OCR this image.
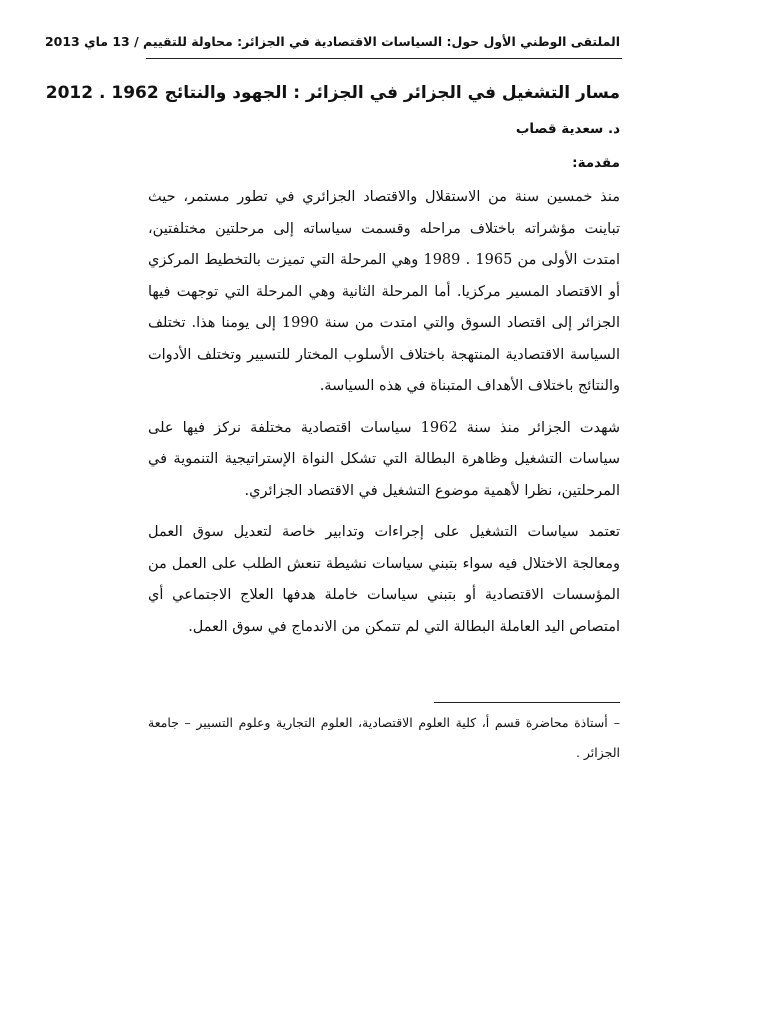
الملتقى الوطني الأول حول: السياسات الاقتصادية في الجزائر: محاولة للتقييم / 13 ماي 2013
مسار التشغيل في الجزائر في الجزائر : الجهود والنتائج 1962 . 2012
د. سعدية قصاب
مقدمة:

منذ خمسين سنة من الاستقلال والاقتصاد الجزائري في تطور مستمر، حيث تباينت مؤشراته باختلاف مراحله وقسمت سياساته إلى مرحلتين مختلفتين، امتدت الأولى من 1965 . 1989 وهي المرحلة التي تميزت بالتخطيط المركزي أو الاقتصاد المسير مركزيا. أما المرحلة الثانية وهي المرحلة التي توجهت فيها الجزائر إلى اقتصاد السوق والتي امتدت من سنة 1990 إلى يومنا هذا. تختلف السياسة الاقتصادية المنتهجة باختلاف الأسلوب المختار للتسيير وتختلف الأدوات والنتائج باختلاف الأهداف المتبناة في هذه السياسة.

شهدت الجزائر منذ سنة 1962 سياسات اقتصادية مختلفة نركز فيها على سياسات التشغيل وظاهرة البطالة التي تشكل النواة الإستراتيجية التنموية في المرحلتين، نظرا لأهمية موضوع التشغيل في الاقتصاد الجزائري.

تعتمد سياسات التشغيل على إجراءات وتدابير خاصة لتعديل سوق العمل ومعالجة الاختلال فيه سواء بتبني سياسات نشيطة تنعش الطلب على العمل من المؤسسات الاقتصادية أو بتبني سياسات خاملة هدفها العلاج الاجتماعي أي امتصاص اليد العاملة البطالة التي لم تتمكن من الاندماج في سوق العمل.

–أستاذة محاضرة قسم أ، كلية العلوم الاقتصادية، العلوم التجارية وعلوم التسيير – جامعة الجزائر .
